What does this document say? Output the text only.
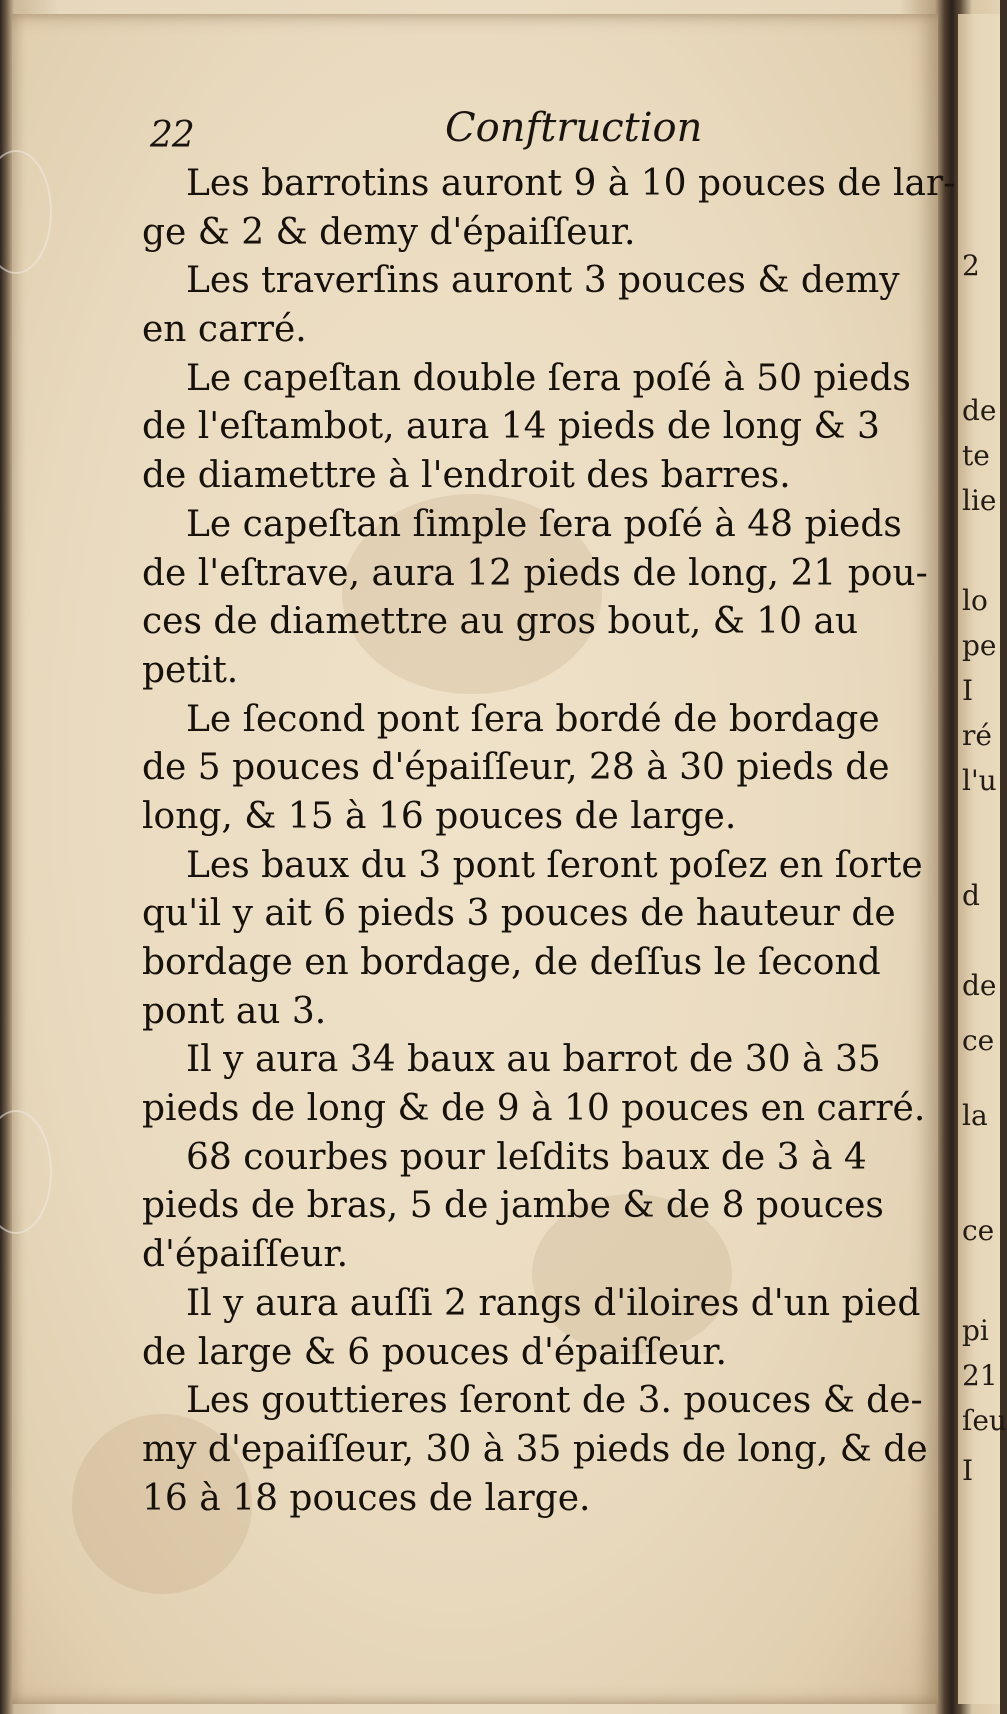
22	Conftruction
Les barrotins auront 9 à 10 pouces de lar-
ge & 2 & demy d'épaiſſeur.
Les traverſins auront 3 pouces & demy
en carré.
Le capeſtan double ſera poſé à 50 pieds
de l'eſtambot, aura 14 pieds de long & 3
de diamettre à l'endroit des barres.
Le capeſtan ſimple ſera poſé à 48 pieds
de l'eſtrave, aura 12 pieds de long, 21 pou-
ces de diamettre au gros bout, & 10 au
petit.
Le ſecond pont ſera bordé de bordage
de 5 pouces d'épaiſſeur, 28 à 30 pieds de
long, & 15 à 16 pouces de large.
Les baux du 3 pont ſeront poſez en ſorte
qu'il y ait 6 pieds 3 pouces de hauteur de
bordage en bordage, de deſſus le ſecond
pont au 3.
Il y aura 34 baux au barrot de 30 à 35
pieds de long & de 9 à 10 pouces en carré.
68 courbes pour leſdits baux de 3 à 4
pieds de bras, 5 de jambe & de 8 pouces
d'épaiſſeur.
Il y aura auſſi 2 rangs d'iloires d'un pied
de large & 6 pouces d'épaiſſeur.
Les gouttieres ſeront de 3. pouces & de-
my d'epaiſſeur, 30 à 35 pieds de long, & de
16 à 18 pouces de large.
2
de
te
lie
lo
pe
I
ré
l'u
d
de
ce
la
ce
pi
21
ſeu
I
